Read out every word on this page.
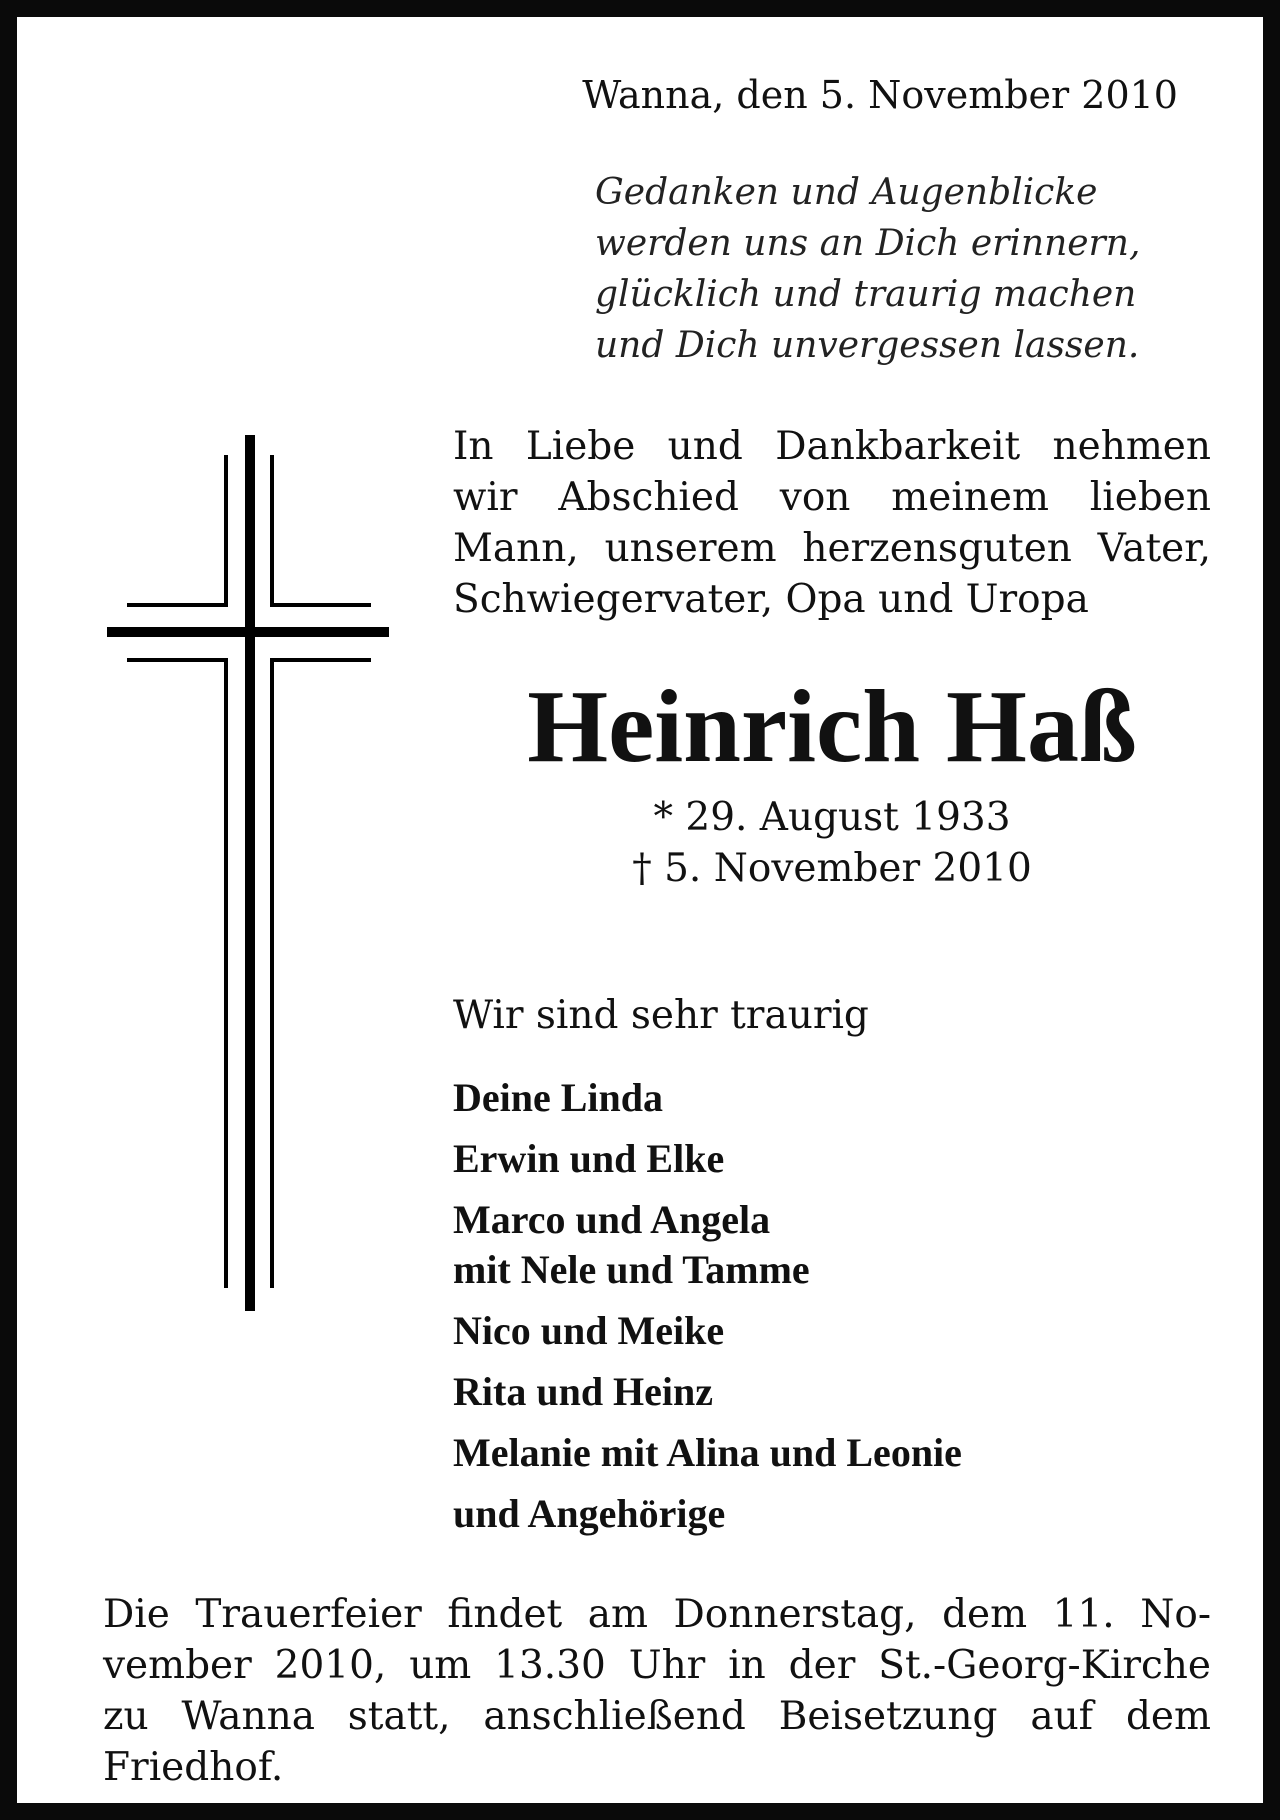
Wanna, den 5. November 2010
Gedanken und Augenblicke
werden uns an Dich erinnern,
glücklich und traurig machen
und Dich unvergessen lassen.
In Liebe und Dankbarkeit nehmen
wir Abschied von meinem lieben
Mann, unserem herzensguten Vater,
Schwiegervater, Opa und Uropa
Heinrich Haß
* 29. August 1933
† 5. November 2010
Wir sind sehr traurig
Deine Linda
Erwin und Elke
Marco und Angela
mit Nele und Tamme
Nico und Meike
Rita und Heinz
Melanie mit Alina und Leonie
und Angehörige
Die Trauerfeier findet am Donnerstag, dem 11. No-
vember 2010, um 13.30 Uhr in der St.-Georg-Kirche
zu Wanna statt, anschließend Beisetzung auf dem
Friedhof.
